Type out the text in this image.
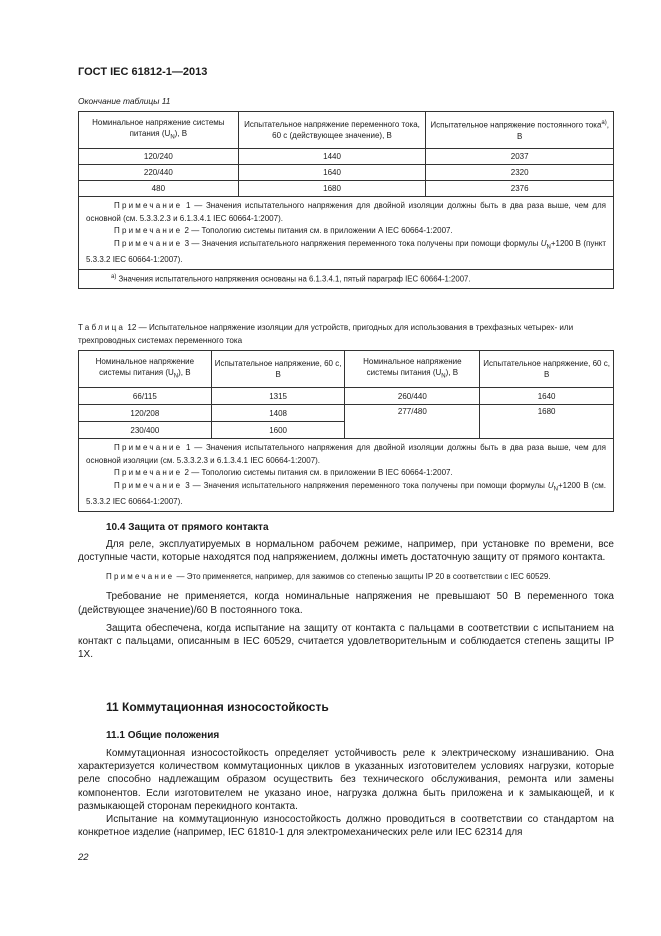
ГОСТ IEC 61812-1—2013
Окончание таблицы 11
Номинальное напряжение системы питания $(U_N)$, В	Испытательное напряжение переменного тока, 60 с (действующее значение), В	Испытательное напряжение постоянного тока$^{а)}$, В
120/240	1440	2037
220/440	1640	2320
480	1680	2376

Примечание 1 — Значения испытательного напряжения для двойной изоляции должны быть в два раза выше, чем для основной (см. 5.3.3.2.3 и 6.1.3.4.1 IEC 60664-1:2007).

Примечание 2 — Топологию системы питания см. в приложении А IEC 60664-1:2007.

Примечание 3 — Значения испытательного напряжения переменного тока получены при помощи формулы $U_N+1200$ В (пункт 5.3.3.2 IEC 60664-1:2007).		

$^{а)}$ Значения испытательного напряжения основаны на 6.1.3.4.1, пятый параграф IEC 60664-1:2007.		
Таблица 12 — Испытательное напряжение изоляции для устройств, пригодных для использования в трехфазных четырех- или трехпроводных системах переменного тока
Номинальное напряжение системы питания $(U_N)$, В	Испытательное напряжение, 60 с, В	Номинальное напряжение системы питания $(U_N)$, В	Испытательное напряжение, 60 с, В
66/115	1315	260/440	1640
120/208	1408	277/480	1680
230/400	1600		

Примечание 1 — Значения испытательного напряжения для двойной изоляции должны быть в два раза выше, чем для основной изоляции (см. 5.3.3.2.3 и 6.1.3.4.1 IEC 60664-1:2007).

Примечание 2 — Топологию системы питания см. в приложении B IEC 60664-1:2007.

Примечание 3 — Значения испытательного напряжения переменного тока получены при помощи формулы $U_N+1200$ В (см. 5.3.3.2 IEC 60664-1:2007).			

10.4 Защита от прямого контакта

Для реле, эксплуатируемых в нормальном рабочем режиме, например, при установке по времени, все доступные части, которые находятся под напряжением, должны иметь достаточную защиту от прямого контакта.

Примечание — Это применяется, например, для зажимов со степенью защиты IP 20 в соответствии с IEC 60529.

Требование не применяется, когда номинальные напряжения не превышают 50 В переменного тока (действующее значение)/60 В постоянного тока.

Защита обеспечена, когда испытание на защиту от контакта с пальцами в соответствии с испытанием на контакт с пальцами, описанным в IEC 60529, считается удовлетворительным и соблюдается степень защиты IP 1X.

11 Коммутационная износостойкость
11.1 Общие положения

Коммутационная износостойкость определяет устойчивость реле к электрическому изнашиванию. Она характеризуется количеством коммутационных циклов в указанных изготовителем условиях нагрузки, которые реле способно надлежащим образом осуществить без технического обслуживания, ремонта или замены компонентов. Если изготовителем не указано иное, нагрузка должна быть приложена и к замыкающей, и к размыкающей сторонам перекидного контакта.

Испытание на коммутационную износостойкость должно проводиться в соответствии со стандартом на конкретное изделие (например, IEC 61810-1 для электромеханических реле или IEC 62314 для

22
